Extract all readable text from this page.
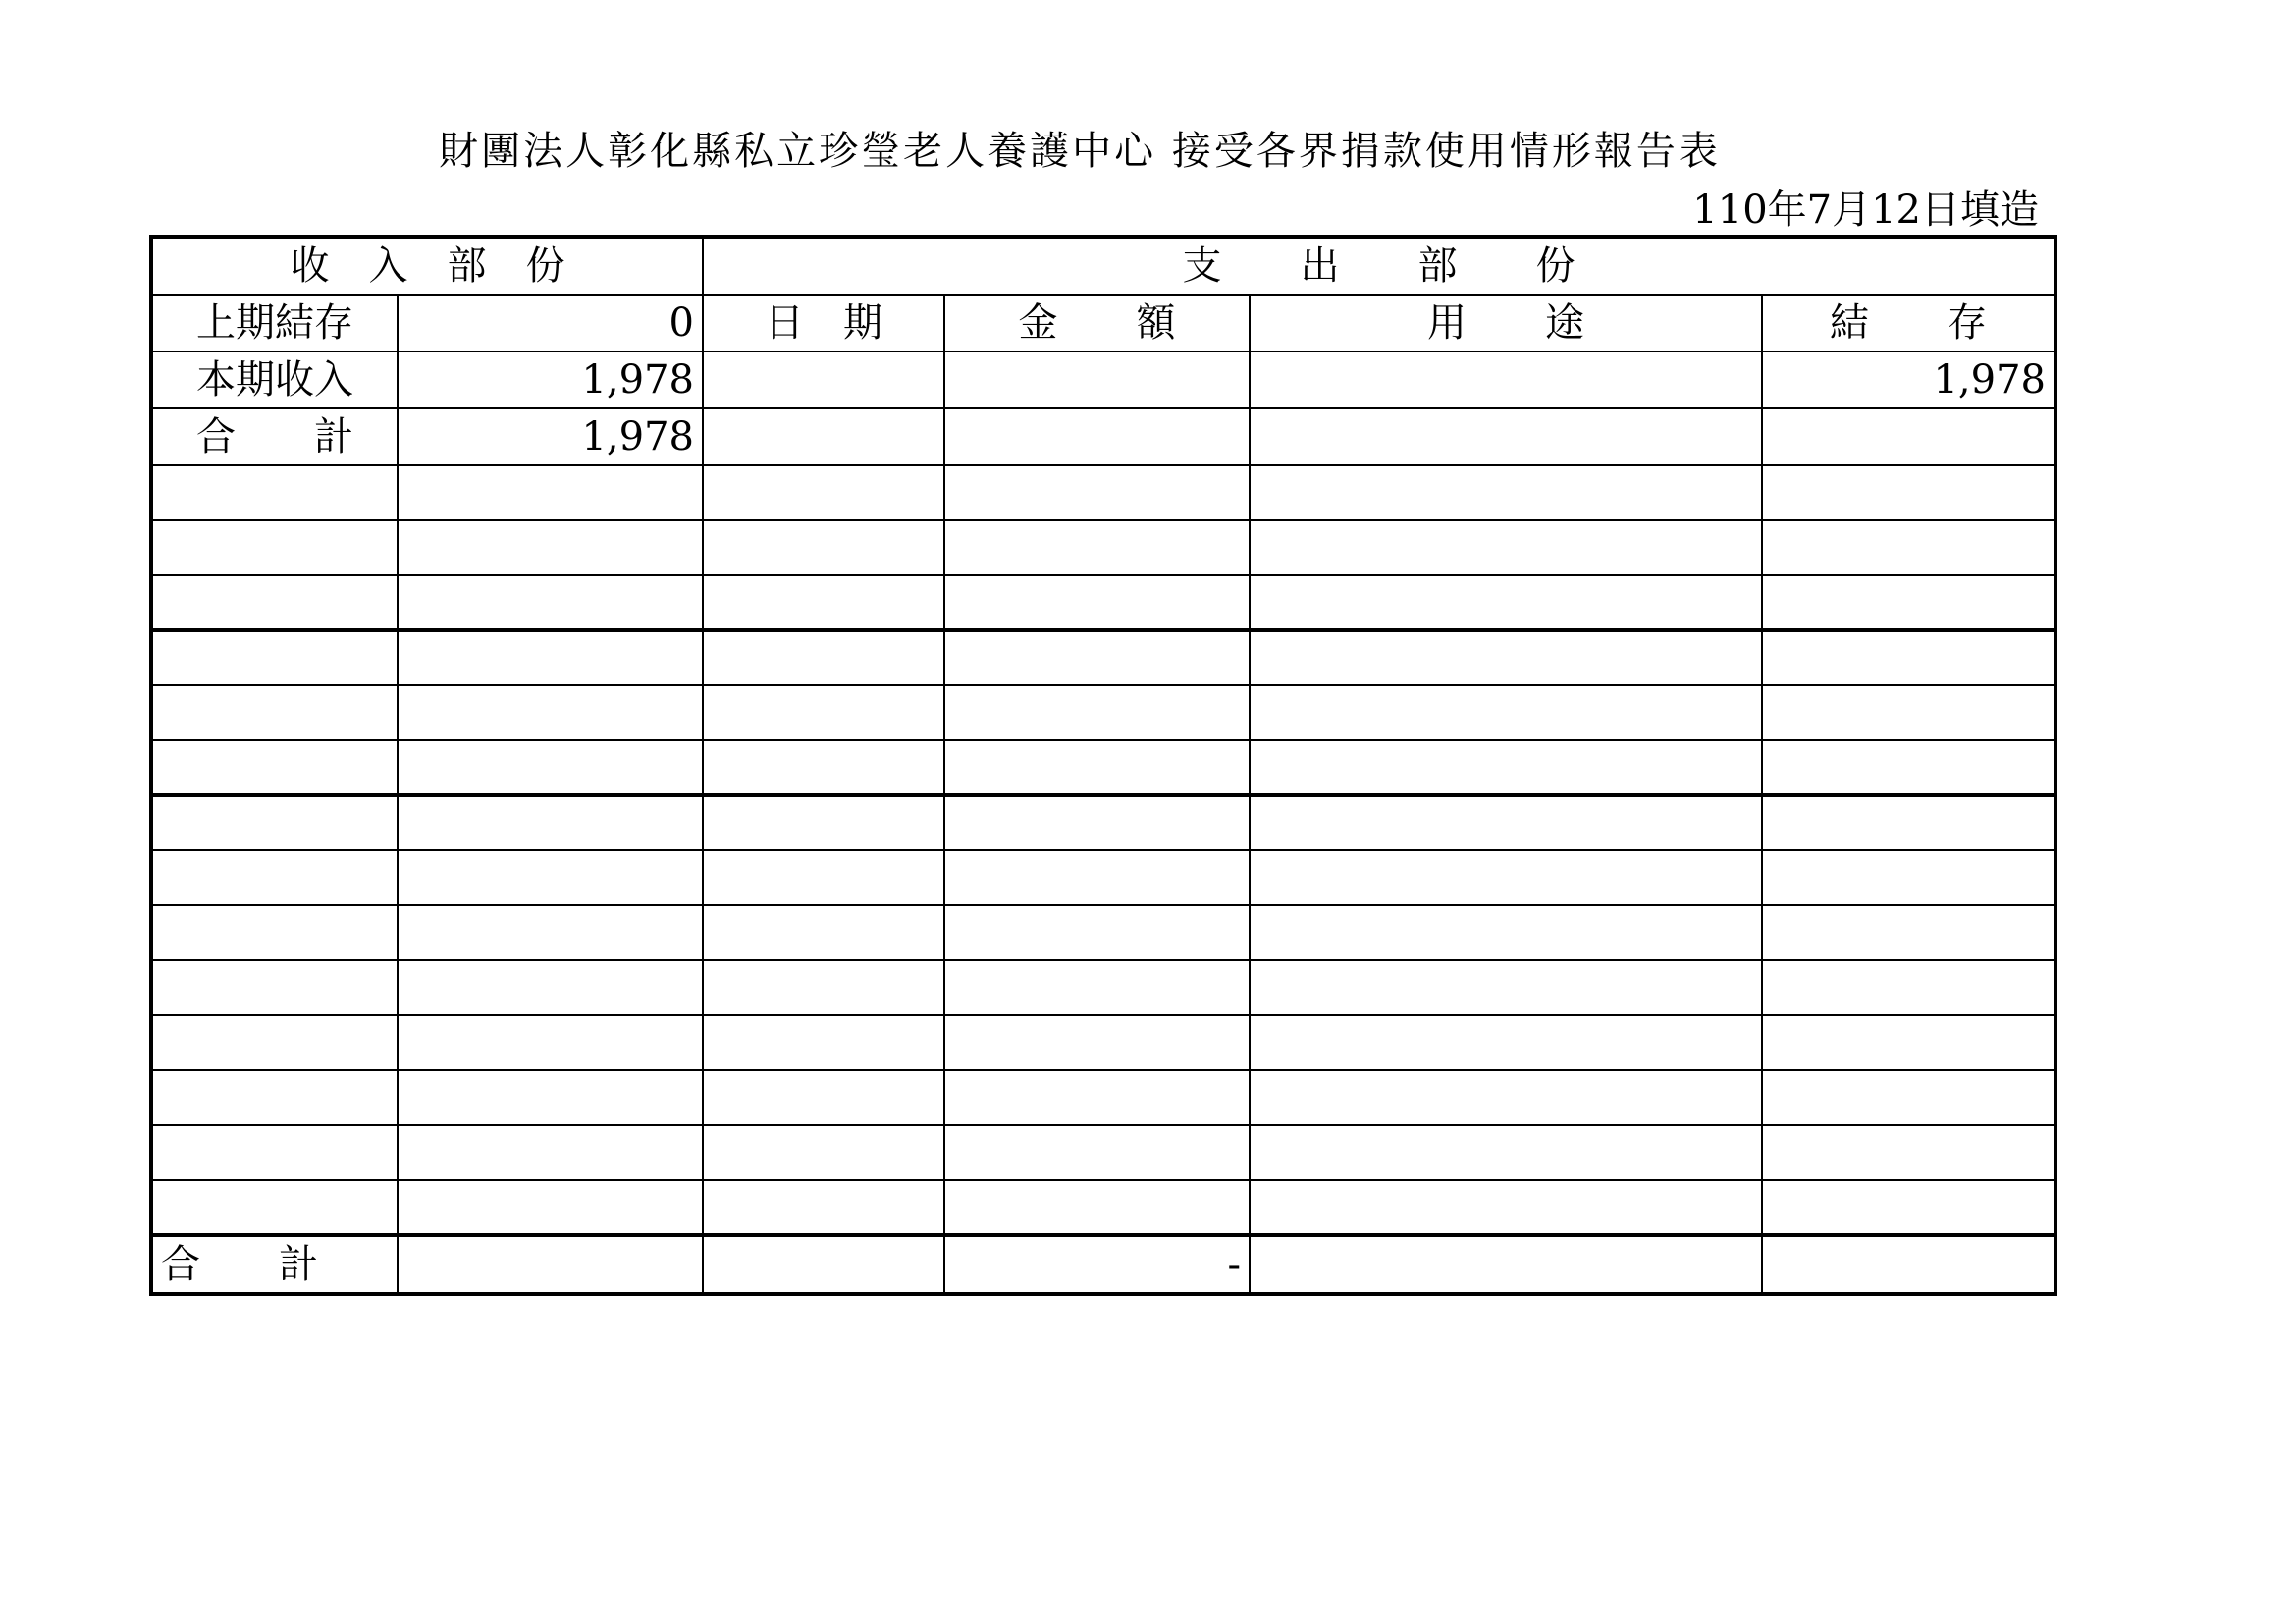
財團法人彰化縣私立珍瑩老人養護中心 接受各界捐款使用情形報告表
110年7月12日填造
收　入　部　份		支　　出　　部　　份			
上期結存	0	日　期	金　　額	用　　途	結　　存
本期收入	1,978				1,978
合　　計	1,978				

合　　計			-		
